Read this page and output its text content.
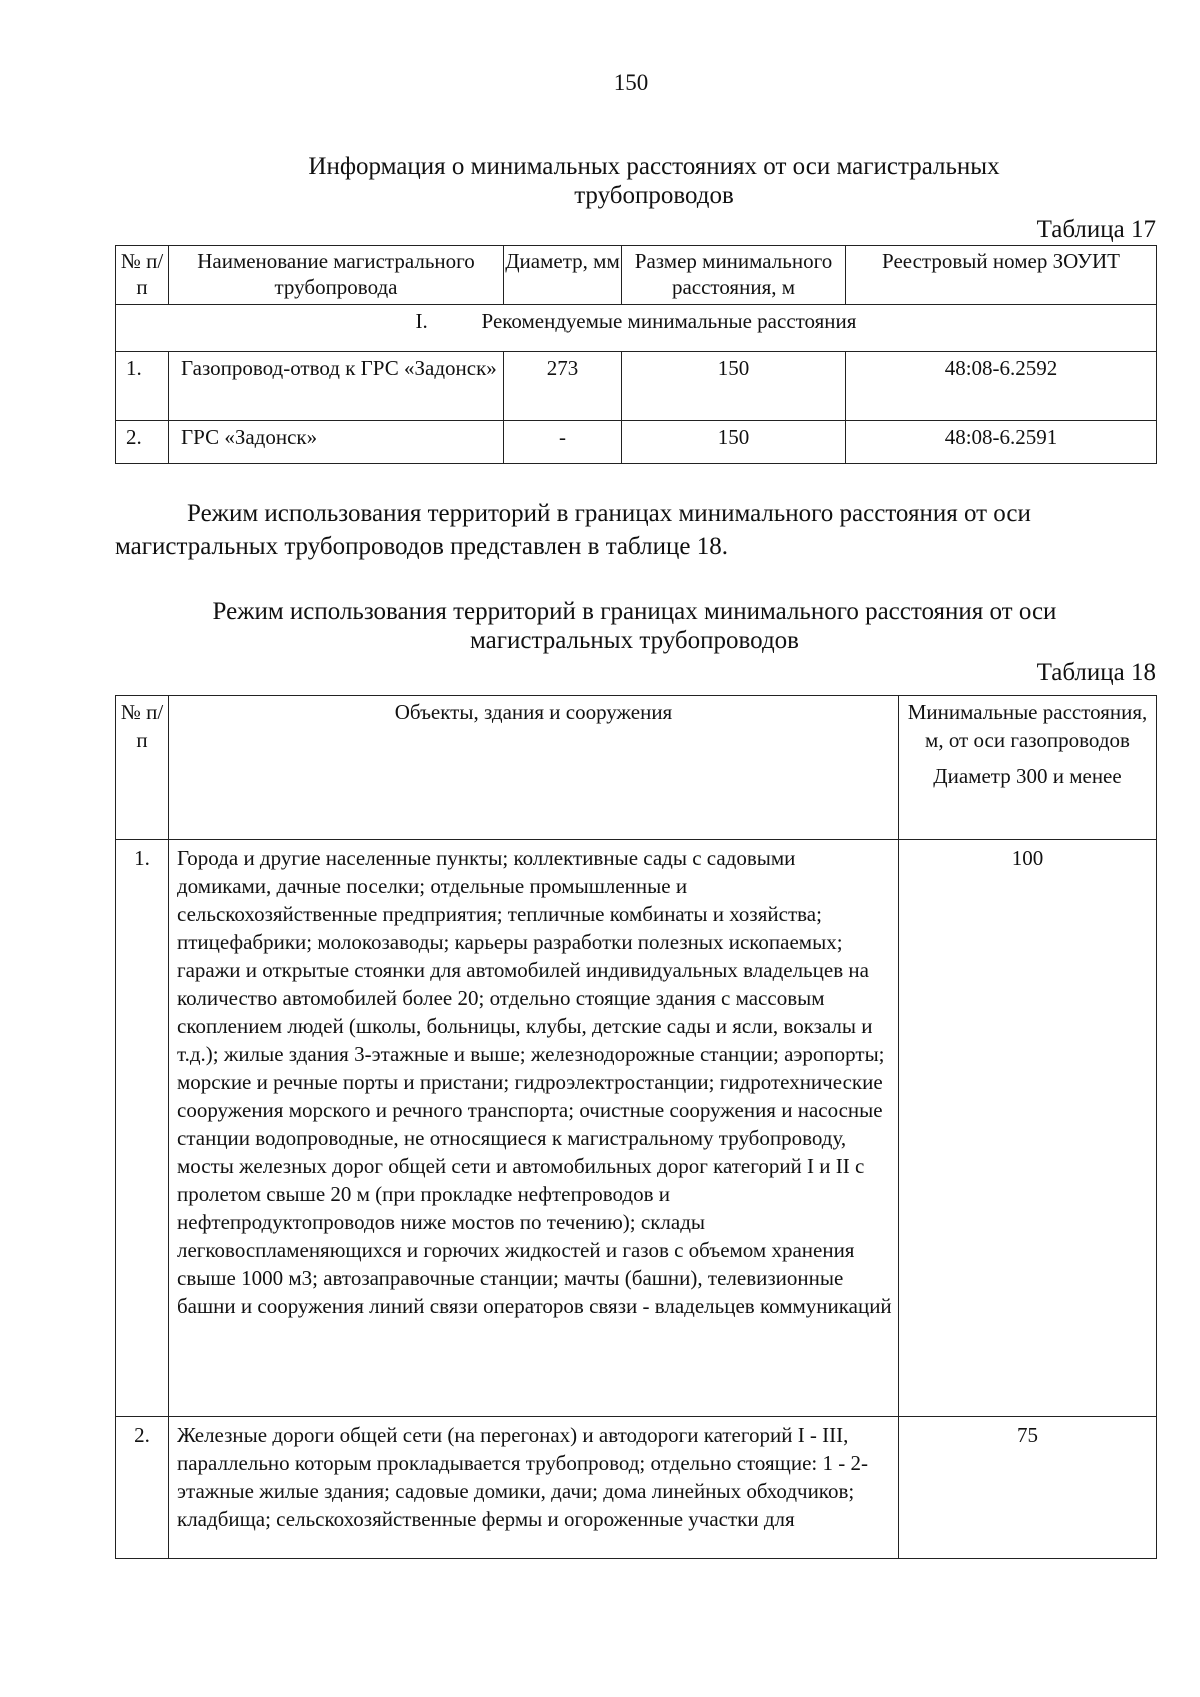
150
Информация о минимальных расстояниях от оси магистральных
трубопроводов
Таблица 17
№ п/п	Наименование магистрального трубопровода	Диаметр, мм	Размер минимального расстояния, м	Реестровый номер ЗОУИТ
I. Рекомендуемые минимальные расстояния				
1.	Газопровод-отвод к ГРС «Задонск»	273	150	48:08-6.2592
2.	ГРС «Задонск»	-	150	48:08-6.2591
Режим использования территорий в границах минимального расстояния от оси
магистральных трубопроводов представлен в таблице 18.
Режим использования территорий в границах минимального расстояния от оси
магистральных трубопроводов
Таблица 18
№ п/п	Объекты, здания и сооружения	Минимальные расстояния, м, от оси газопроводов
Диаметр 300 и менее

1.	Города и другие населенные пункты; коллективные сады с садовыми домиками, дачные поселки; отдельные промышленные и сельскохозяйственные предприятия; тепличные комбинаты и хозяйства; птицефабрики; молокозаводы; карьеры разработки полезных ископаемых; гаражи и открытые стоянки для автомобилей индивидуальных владельцев на количество автомобилей более 20; отдельно стоящие здания с массовым скоплением людей (школы, больницы, клубы, детские сады и ясли, вокзалы и т.д.); жилые здания 3-этажные и выше; железнодорожные станции; аэропорты; морские и речные порты и пристани; гидроэлектростанции; гидротехнические сооружения морского и речного транспорта; очистные сооружения и насосные станции водопроводные, не относящиеся к магистральному трубопроводу, мосты железных дорог общей сети и автомобильных дорог категорий I и II с пролетом свыше 20 м (при прокладке нефтепроводов и нефтепродуктопроводов ниже мостов по течению); склады легковоспламеняющихся и горючих жидкостей и газов с объемом хранения свыше 1000 м3; автозаправочные станции; мачты (башни), телевизионные башни и сооружения линий связи операторов связи - владельцев коммуникаций	100
2.	Железные дороги общей сети (на перегонах) и автодороги категорий I - III, параллельно которым прокладывается трубопровод; отдельно стоящие: 1 - 2-этажные жилые здания; садовые домики, дачи; дома линейных обходчиков; кладбища; сельскохозяйственные фермы и огороженные участки для	75
